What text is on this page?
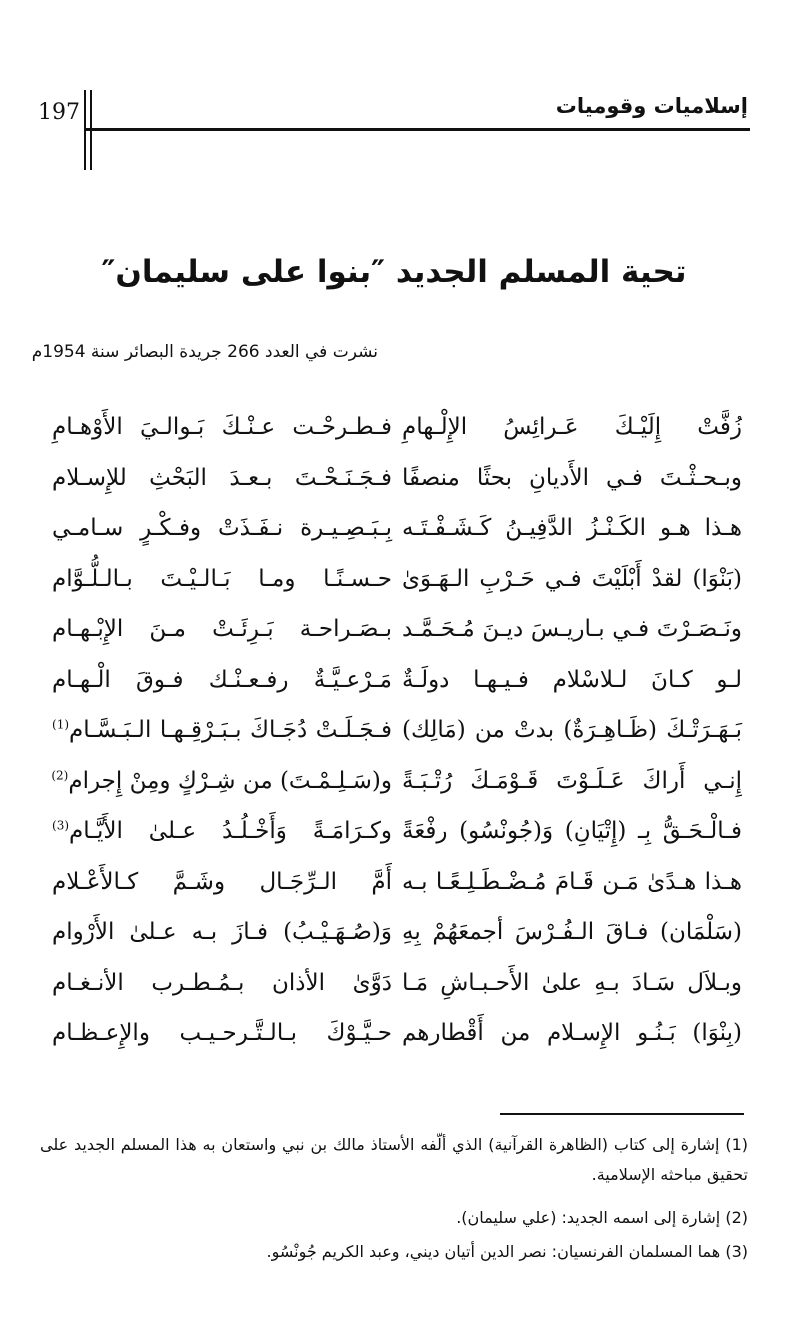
197	إسلاميات وقوميات
تحية المسلم الجديد ″بنوا على سليمان″
نشرت في العدد 266 جريدة البصائر سنة 1954م
زُفَّتْ إِلَيْـكَ عَـرائِسُ الإِلْـهامِ
فـطـرحْـت عـنْـكَ بَـوالـيَ الأَوْهـامِ
وبـحـثْـتَ فـي الأَديانِ بحثًا منصفًا
فـجَـنَـحْـتَ بـعـدَ البَحْثِ للإِسـلام
هـذا هـو الكَـنْـزُ الدَّفِيـنُ كَـشَـفْـتَـه
بِـبَـصِـيـرة نـفَـذَتْ وفـكْـرٍ سـامـي
(بَنْوَا) لقدْ أَبْلَيْتَ فـي حَـرْبِ الـهَـوَىٰ
حـسـنًـا ومـا بَـالـيْـتَ بـالـلُّـوَّام
ونَـصَـرْتَ فـي بـاريـسَ ديـنَ مُـحَـمَّـد
بـصَـراحـة بَـرِئَـتْ مـنَ الإِبْـهـام
لـو كـانَ لـلاسْلام فـيـهـا دولَـةٌ
مَـرْعـيَّـةٌ رفـعـنْـك فـوقَ الْـهـام
بَـهَـرَتْـكَ (ظَـاهِـرَةٌ) بدتْ من (مَالِك)
فـجَـلَـتْ دُجَـاكَ بـبَـرْقِـهـا الـبَـسَّـام$^{(1)}$
إِنـي أَراكَ عَـلَـوْتَ قَـوْمَـكَ رُتْـبَـةً
و(سَـلِـمْـتَ) من شِـرْكٍ ومِنْ إِجرام$^{(2)}$
فـالْـحَـقُّ بِـ (إِتْيَانِ) وَ(جُونْسُو) رفْعَةً
وكـرَامَـةً وَأَخْـلُـدُ عـلىٰ الأَيَّـام$^{(3)}$
هـذا هـدًىٰ مَـن قَـامَ مُـضْـطَـلِـعًـا بـه
أَمَّ الـرِّجَـال وشَـمَّ كـالأَعْـلام
(سَلْمَان) فـاقَ الـفُـرْسَ أجمعَهُمْ بِهِ
وَ(صُـهَـيْـبُ) فـازَ بـه عـلىٰ الأَرْوام
وبـلاَل سَـادَ بـهِ علىٰ الأَحـبـاشِ مَـا
دَوَّىٰ الأذان بـمُـطـرب الأنـغـام
(بِنْوَا) بَـنُـو الإِسـلام من أَقْطارهم
حـيَّـوْكَ بـالـتَّـرحـيـب والإِعـظـام
(1) إشارة إلى كتاب (الظاهرة القرآنية) الذي ألّفه الأستاذ مالك بن نبي واستعان به هذا المسلم الجديد على تحقيق مباحثه الإسلامية.
(2) إشارة إلى اسمه الجديد: (علي سليمان).
(3) هما المسلمان الفرنسيان: نصر الدين أتيان ديني، وعبد الكريم جُونْسُو.
